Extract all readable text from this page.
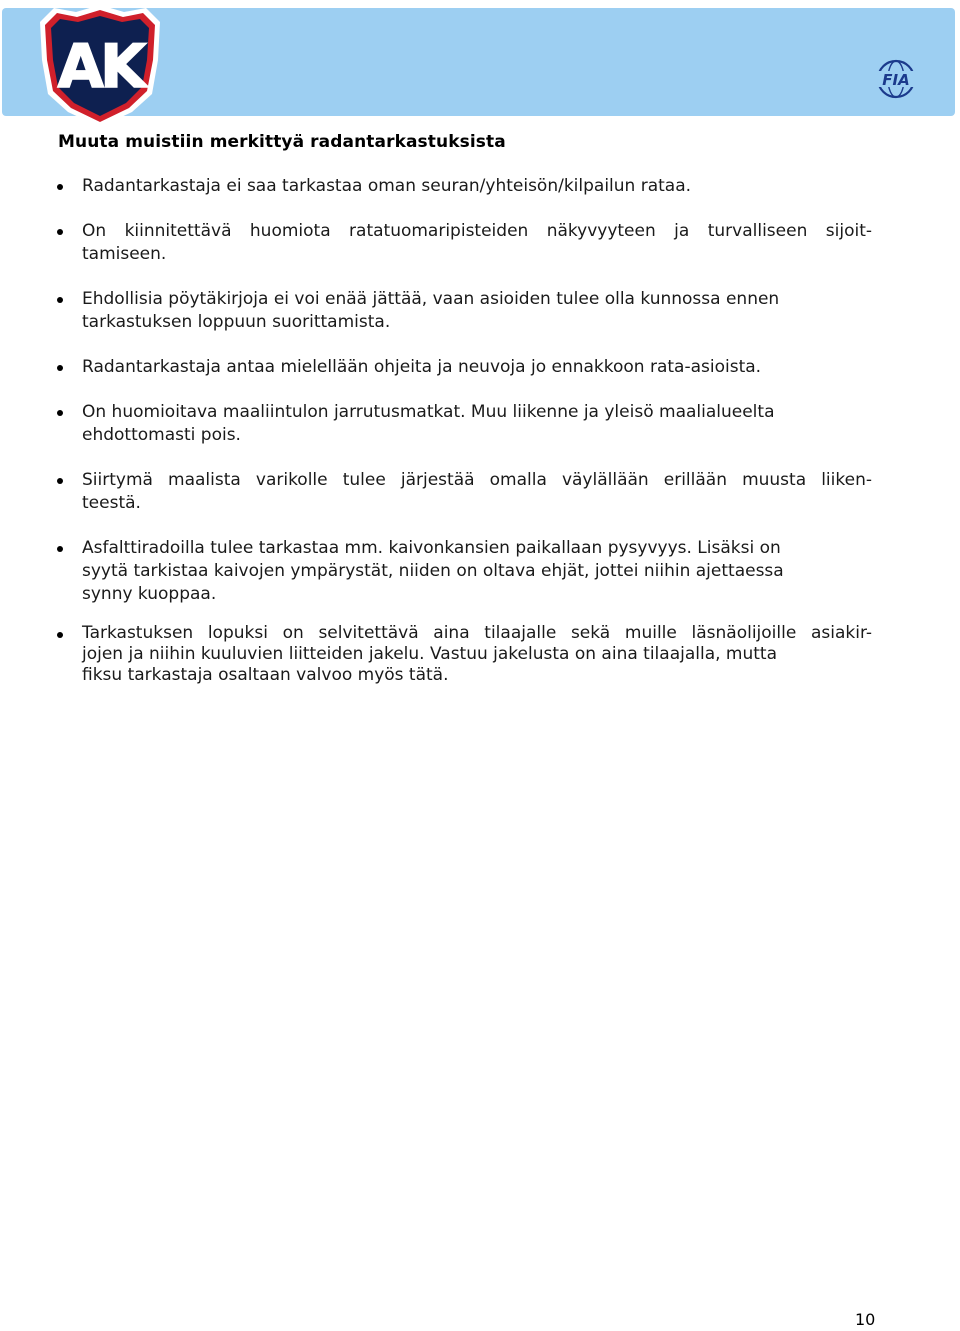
AK	FIA
Muuta muistiin merkittyä radantarkastuksista
Radantarkastaja ei saa tarkastaa oman seuran/yhteisön/kilpailun rataa.
On kiinnitettävä huomiota ratatuomaripisteiden näkyvyyteen ja turvalliseen sijoit-
tamiseen.
Ehdollisia pöytäkirjoja ei voi enää jättää, vaan asioiden tulee olla kunnossa ennen
tarkastuksen loppuun suorittamista.
Radantarkastaja antaa mielellään ohjeita ja neuvoja jo ennakkoon rata-asioista.
On huomioitava maaliintulon jarrutusmatkat. Muu liikenne ja yleisö maalialueelta
ehdottomasti pois.
Siirtymä maalista varikolle tulee järjestää omalla väylällään erillään muusta liiken-
teestä.
Asfalttiradoilla tulee tarkastaa mm. kaivonkansien paikallaan pysyvyys. Lisäksi on
syytä tarkistaa kaivojen ympärystät, niiden on oltava ehjät, jottei niihin ajettaessa
synny kuoppaa.
Tarkastuksen lopuksi on selvitettävä aina tilaajalle sekä muille läsnäolijoille asiakir-
jojen ja niihin kuuluvien liitteiden jakelu. Vastuu jakelusta on aina tilaajalla, mutta
fiksu tarkastaja osaltaan valvoo myös tätä.
10
